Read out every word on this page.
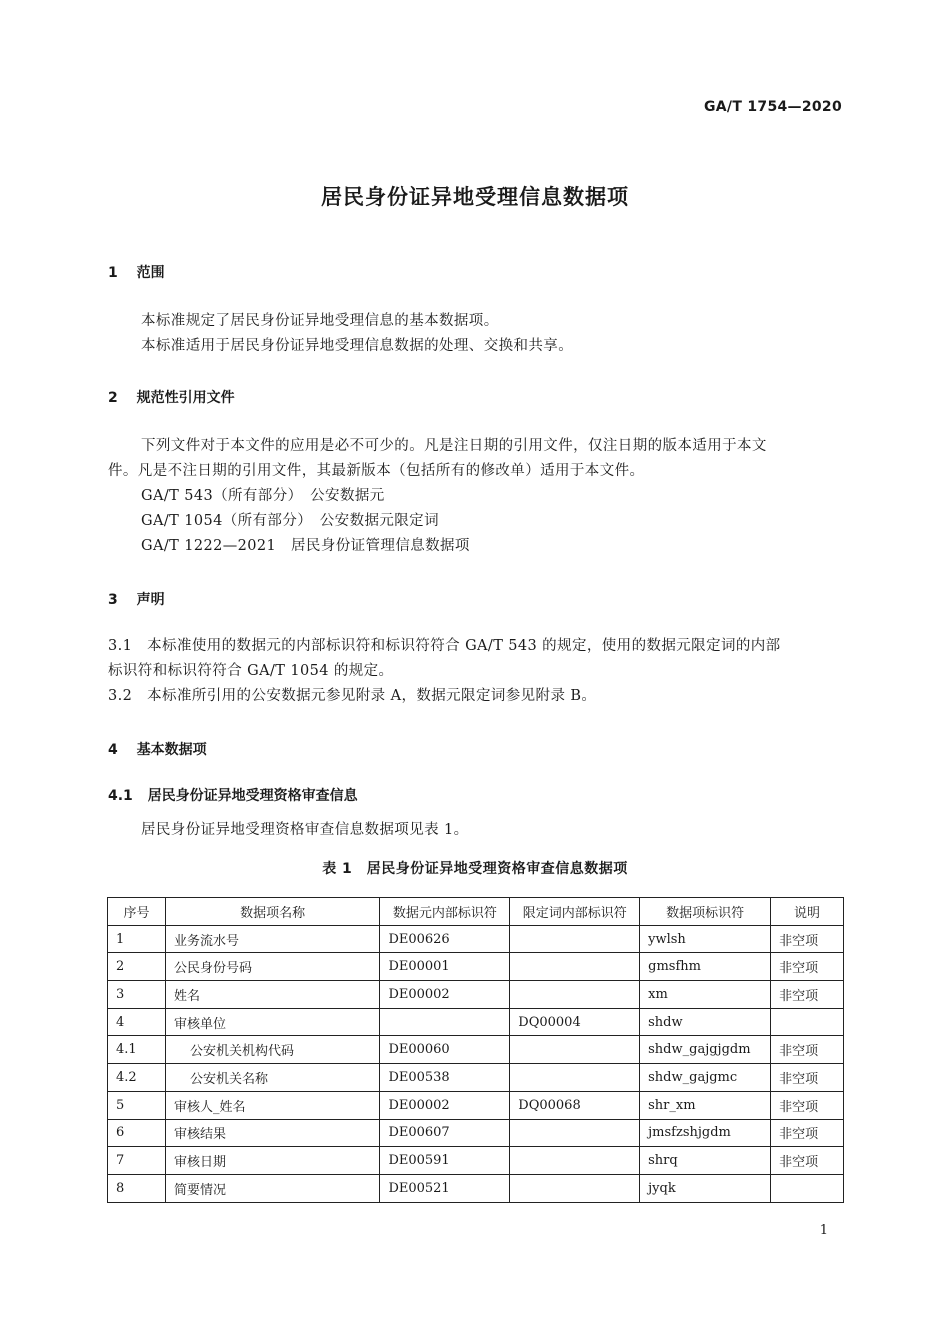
GA/T 1754—2020
居民身份证异地受理信息数据项
1 范围
本标准规定了居民身份证异地受理信息的基本数据项。
本标准适用于居民身份证异地受理信息数据的处理、交换和共享。
2 规范性引用文件
下列文件对于本文件的应用是必不可少的。凡是注日期的引用文件，仅注日期的版本适用于本文
件。凡是不注日期的引用文件，其最新版本（包括所有的修改单）适用于本文件。
GA/T 543（所有部分）　公安数据元
GA/T 1054（所有部分）　公安数据元限定词
GA/T 1222—2021　居民身份证管理信息数据项
3 声明
3.1　本标准使用的数据元的内部标识符和标识符符合 GA/T 543 的规定，使用的数据元限定词的内部
标识符和标识符符合 GA/T 1054 的规定。
3.2　本标准所引用的公安数据元参见附录 A，数据元限定词参见附录 B。
4 基本数据项
4.1 居民身份证异地受理资格审查信息
居民身份证异地受理资格审查信息数据项见表 1。
表 1　居民身份证异地受理资格审查信息数据项
序号	数据项名称	数据元内部标识符	限定词内部标识符	数据项标识符	说明
1	业务流水号	DE00626		ywlsh	非空项
2	公民身份号码	DE00001		gmsfhm	非空项
3	姓名	DE00002		xm	非空项
4	审核单位		DQ00004	shdw	
4.1	公安机关机构代码	DE00060		shdw_gajgjgdm	非空项
4.2	公安机关名称	DE00538		shdw_gajgmc	非空项
5	审核人_姓名	DE00002	DQ00068	shr_xm	非空项
6	审核结果	DE00607		jmsfzshjgdm	非空项
7	审核日期	DE00591		shrq	非空项
8	简要情况	DE00521		jyqk	
1
